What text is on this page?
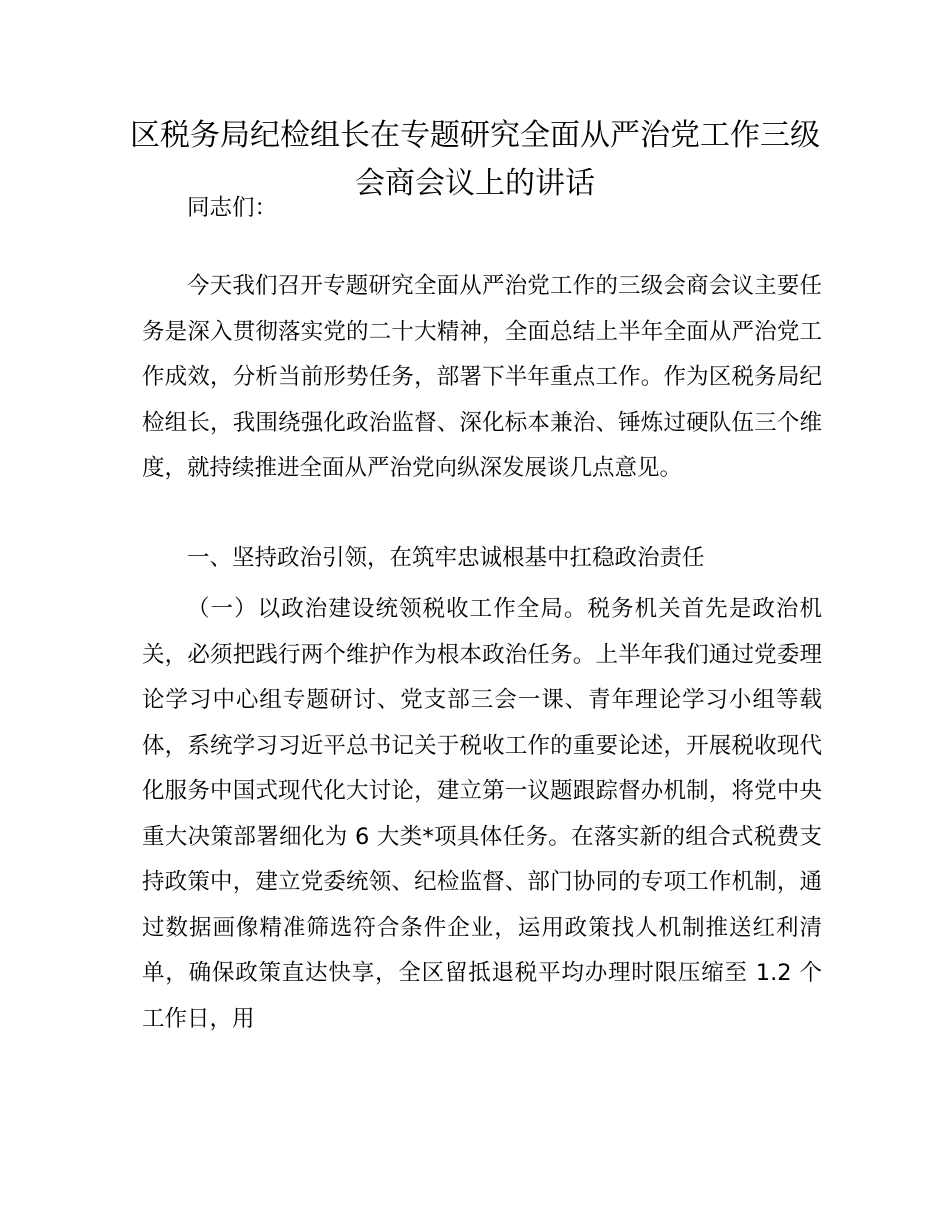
区税务局纪检组长在专题研究全面从严治党工作三级会商会议上的讲话

同志们：

今天我们召开专题研究全面从严治党工作的三级会商会议主要任务是深入贯彻落实党的二十大精神，全面总结上半年全面从严治党工作成效，分析当前形势任务，部署下半年重点工作。作为区税务局纪检组长，我围绕强化政治监督、深化标本兼治、锤炼过硬队伍三个维度，就持续推进全面从严治党向纵深发展谈几点意见。

一、坚持政治引领，在筑牢忠诚根基中扛稳政治责任

（一）以政治建设统领税收工作全局。税务机关首先是政治机关，必须把践行两个维护作为根本政治任务。上半年我们通过党委理论学习中心组专题研讨、党支部三会一课、青年理论学习小组等载体，系统学习习近平总书记关于税收工作的重要论述，开展税收现代化服务中国式现代化大讨论，建立第一议题跟踪督办机制，将党中央重大决策部署细化为 6 大类*项具体任务。在落实新的组合式税费支持政策中，建立党委统领、纪检监督、部门协同的专项工作机制，通过数据画像精准筛选符合条件企业，运用政策找人机制推送红利清单，确保政策直达快享，全区留抵退税平均办理时限压缩至 1.2 个工作日，用
